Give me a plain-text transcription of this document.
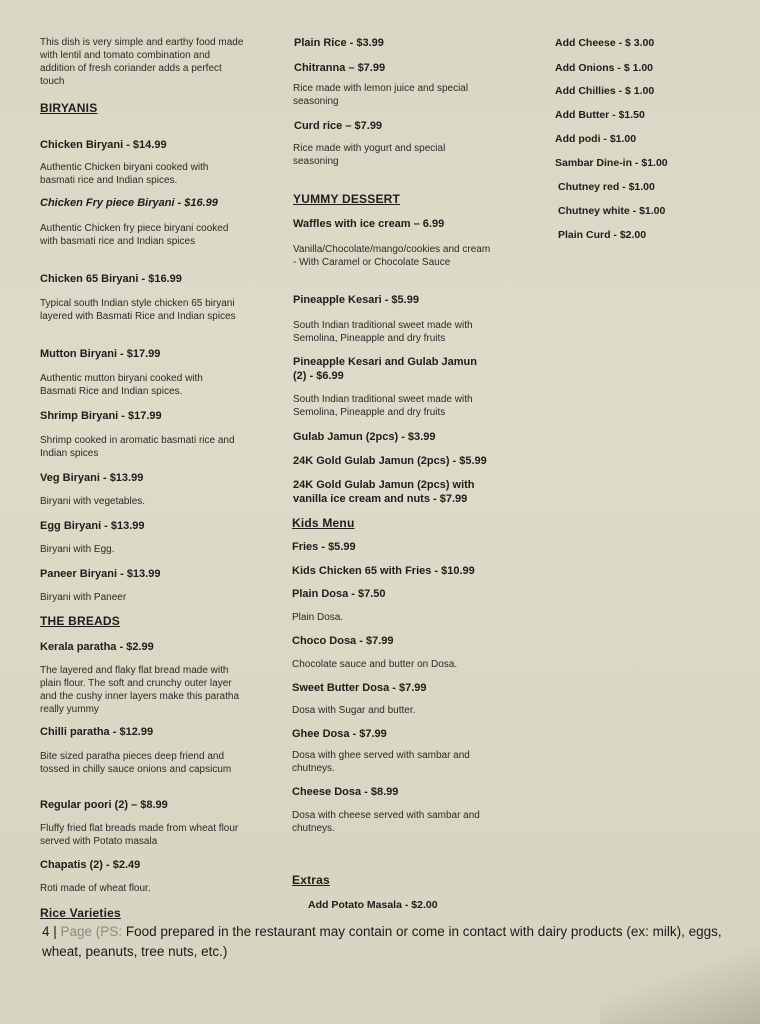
This dish is very simple and earthy food made with lentil and tomato combination and addition of fresh coriander adds a perfect touch
BIRYANIS
Chicken Biryani - $14.99
Authentic Chicken biryani cooked with basmati rice and Indian spices.
Chicken Fry piece Biryani - $16.99
Authentic Chicken fry piece biryani cooked with basmati rice and Indian spices
Chicken 65 Biryani - $16.99
Typical south Indian style chicken 65 biryani layered with Basmati Rice and Indian spices
Mutton Biryani - $17.99
Authentic mutton biryani cooked with Basmati Rice and Indian spices.
Shrimp Biryani - $17.99
Shrimp cooked in aromatic basmati rice and Indian spices
Veg Biryani - $13.99
Biryani with vegetables.
Egg Biryani - $13.99
Biryani with Egg.
Paneer Biryani - $13.99
Biryani with Paneer
THE BREADS
Kerala paratha - $2.99
The layered and flaky flat bread made with plain flour. The soft and crunchy outer layer and the cushy inner layers make this paratha really yummy
Chilli paratha - $12.99
Bite sized paratha pieces deep friend and tossed in chilly sauce onions and capsicum
Regular poori (2) – $8.99
Fluffy fried flat breads made from wheat flour served with Potato masala
Chapatis (2) - $2.49
Roti made of wheat flour.
Rice Varieties
Plain Rice - $3.99
Chitranna – $7.99
Rice made with lemon juice and special seasoning
Curd rice – $7.99
Rice made with yogurt and special seasoning
YUMMY DESSERT
Waffles with ice cream – 6.99
Vanilla/Chocolate/mango/cookies and cream - With Caramel or Chocolate Sauce
Pineapple Kesari - $5.99
South Indian traditional sweet made with Semolina, Pineapple and dry fruits
Pineapple Kesari and Gulab Jamun (2) - $6.99
South Indian traditional sweet made with Semolina, Pineapple and dry fruits
Gulab Jamun (2pcs) - $3.99
24K Gold Gulab Jamun (2pcs) - $5.99
24K Gold Gulab Jamun (2pcs) with vanilla ice cream and nuts - $7.99
Kids Menu
Fries - $5.99
Kids Chicken 65 with Fries - $10.99
Plain Dosa - $7.50
Plain Dosa.
Choco Dosa - $7.99
Chocolate sauce and butter on Dosa.
Sweet Butter Dosa - $7.99
Dosa with Sugar and butter.
Ghee Dosa - $7.99
Dosa with ghee served with sambar and chutneys.
Cheese Dosa - $8.99
Dosa with cheese served with sambar and chutneys.
Extras
Add Potato Masala - $2.00
Add Cheese - $ 3.00
Add Onions - $ 1.00
Add Chillies - $ 1.00
Add Butter - $1.50
Add podi - $1.00
Sambar Dine-in - $1.00
Chutney red - $1.00
Chutney white - $1.00
Plain Curd - $2.00
4 | Page (PS: Food prepared in the restaurant may contain or come in contact with dairy products (ex: milk), eggs, wheat, peanuts, tree nuts, etc.)
